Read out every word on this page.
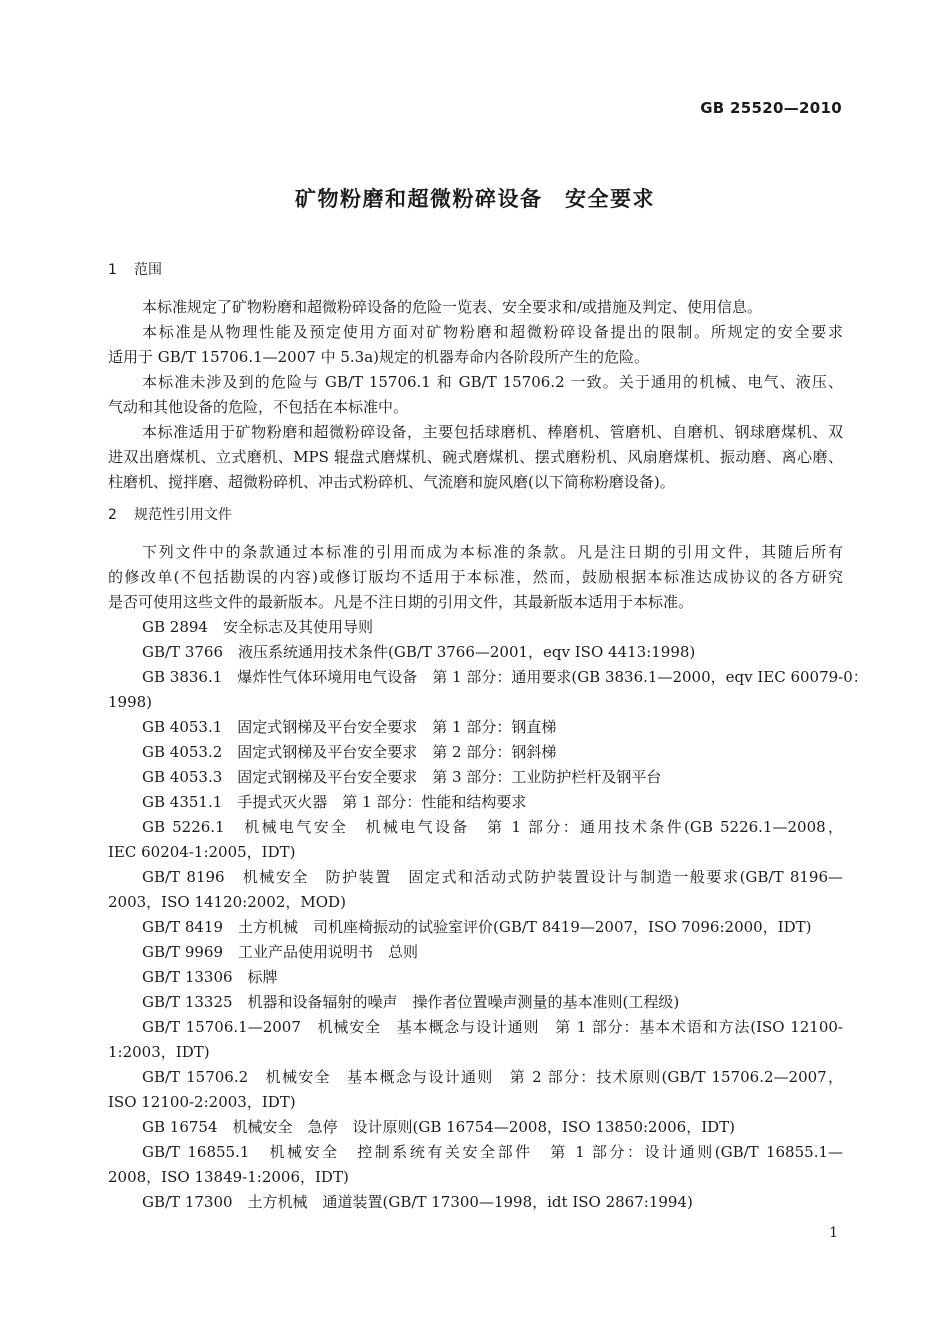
GB 25520—2010
矿物粉磨和超微粉碎设备　安全要求
1 范围
本标准规定了矿物粉磨和超微粉碎设备的危险一览表、安全要求和/或措施及判定、使用信息。
本标准是从物理性能及预定使用方面对矿物粉磨和超微粉碎设备提出的限制。所规定的安全要求
适用于 GB/T 15706.1—2007 中 5.3a)规定的机器寿命内各阶段所产生的危险。
本标准未涉及到的危险与 GB/T 15706.1 和 GB/T 15706.2 一致。关于通用的机械、电气、液压、
气动和其他设备的危险，不包括在本标准中。
本标准适用于矿物粉磨和超微粉碎设备，主要包括球磨机、棒磨机、管磨机、自磨机、钢球磨煤机、双
进双出磨煤机、立式磨机、MPS 辊盘式磨煤机、碗式磨煤机、摆式磨粉机、风扇磨煤机、振动磨、离心磨、
柱磨机、搅拌磨、超微粉碎机、冲击式粉碎机、气流磨和旋风磨(以下简称粉磨设备)。
2 规范性引用文件
下列文件中的条款通过本标准的引用而成为本标准的条款。凡是注日期的引用文件，其随后所有
的修改单(不包括勘误的内容)或修订版均不适用于本标准，然而，鼓励根据本标准达成协议的各方研究
是否可使用这些文件的最新版本。凡是不注日期的引用文件，其最新版本适用于本标准。
GB 2894　安全标志及其使用导则
GB/T 3766　液压系统通用技术条件(GB/T 3766—2001，eqv ISO 4413:1998)
GB 3836.1　爆炸性气体环境用电气设备　第 1 部分：通用要求(GB 3836.1—2000，eqv IEC 60079-0：
1998)
GB 4053.1　固定式钢梯及平台安全要求　第 1 部分：钢直梯
GB 4053.2　固定式钢梯及平台安全要求　第 2 部分：钢斜梯
GB 4053.3　固定式钢梯及平台安全要求　第 3 部分：工业防护栏杆及钢平台
GB 4351.1　手提式灭火器　第 1 部分：性能和结构要求
GB 5226.1　机械电气安全　机械电气设备　第 1 部分：通用技术条件(GB 5226.1—2008，
IEC 60204-1:2005，IDT)
GB/T 8196　机械安全　防护装置　固定式和活动式防护装置设计与制造一般要求(GB/T 8196—
2003，ISO 14120:2002，MOD)
GB/T 8419　土方机械　司机座椅振动的试验室评价(GB/T 8419—2007，ISO 7096:2000，IDT)
GB/T 9969　工业产品使用说明书　总则
GB/T 13306　标牌
GB/T 13325　机器和设备辐射的噪声　操作者位置噪声测量的基本准则(工程级)
GB/T 15706.1—2007　机械安全　基本概念与设计通则　第 1 部分：基本术语和方法(ISO 12100-
1:2003，IDT)
GB/T 15706.2　机械安全　基本概念与设计通则　第 2 部分：技术原则(GB/T 15706.2—2007，
ISO 12100-2:2003，IDT)
GB 16754　机械安全　急停　设计原则(GB 16754—2008，ISO 13850:2006，IDT)
GB/T 16855.1　机械安全　控制系统有关安全部件　第 1 部分：设计通则(GB/T 16855.1—
2008，ISO 13849-1:2006，IDT)
GB/T 17300　土方机械　通道装置(GB/T 17300—1998，idt ISO 2867:1994)
1
